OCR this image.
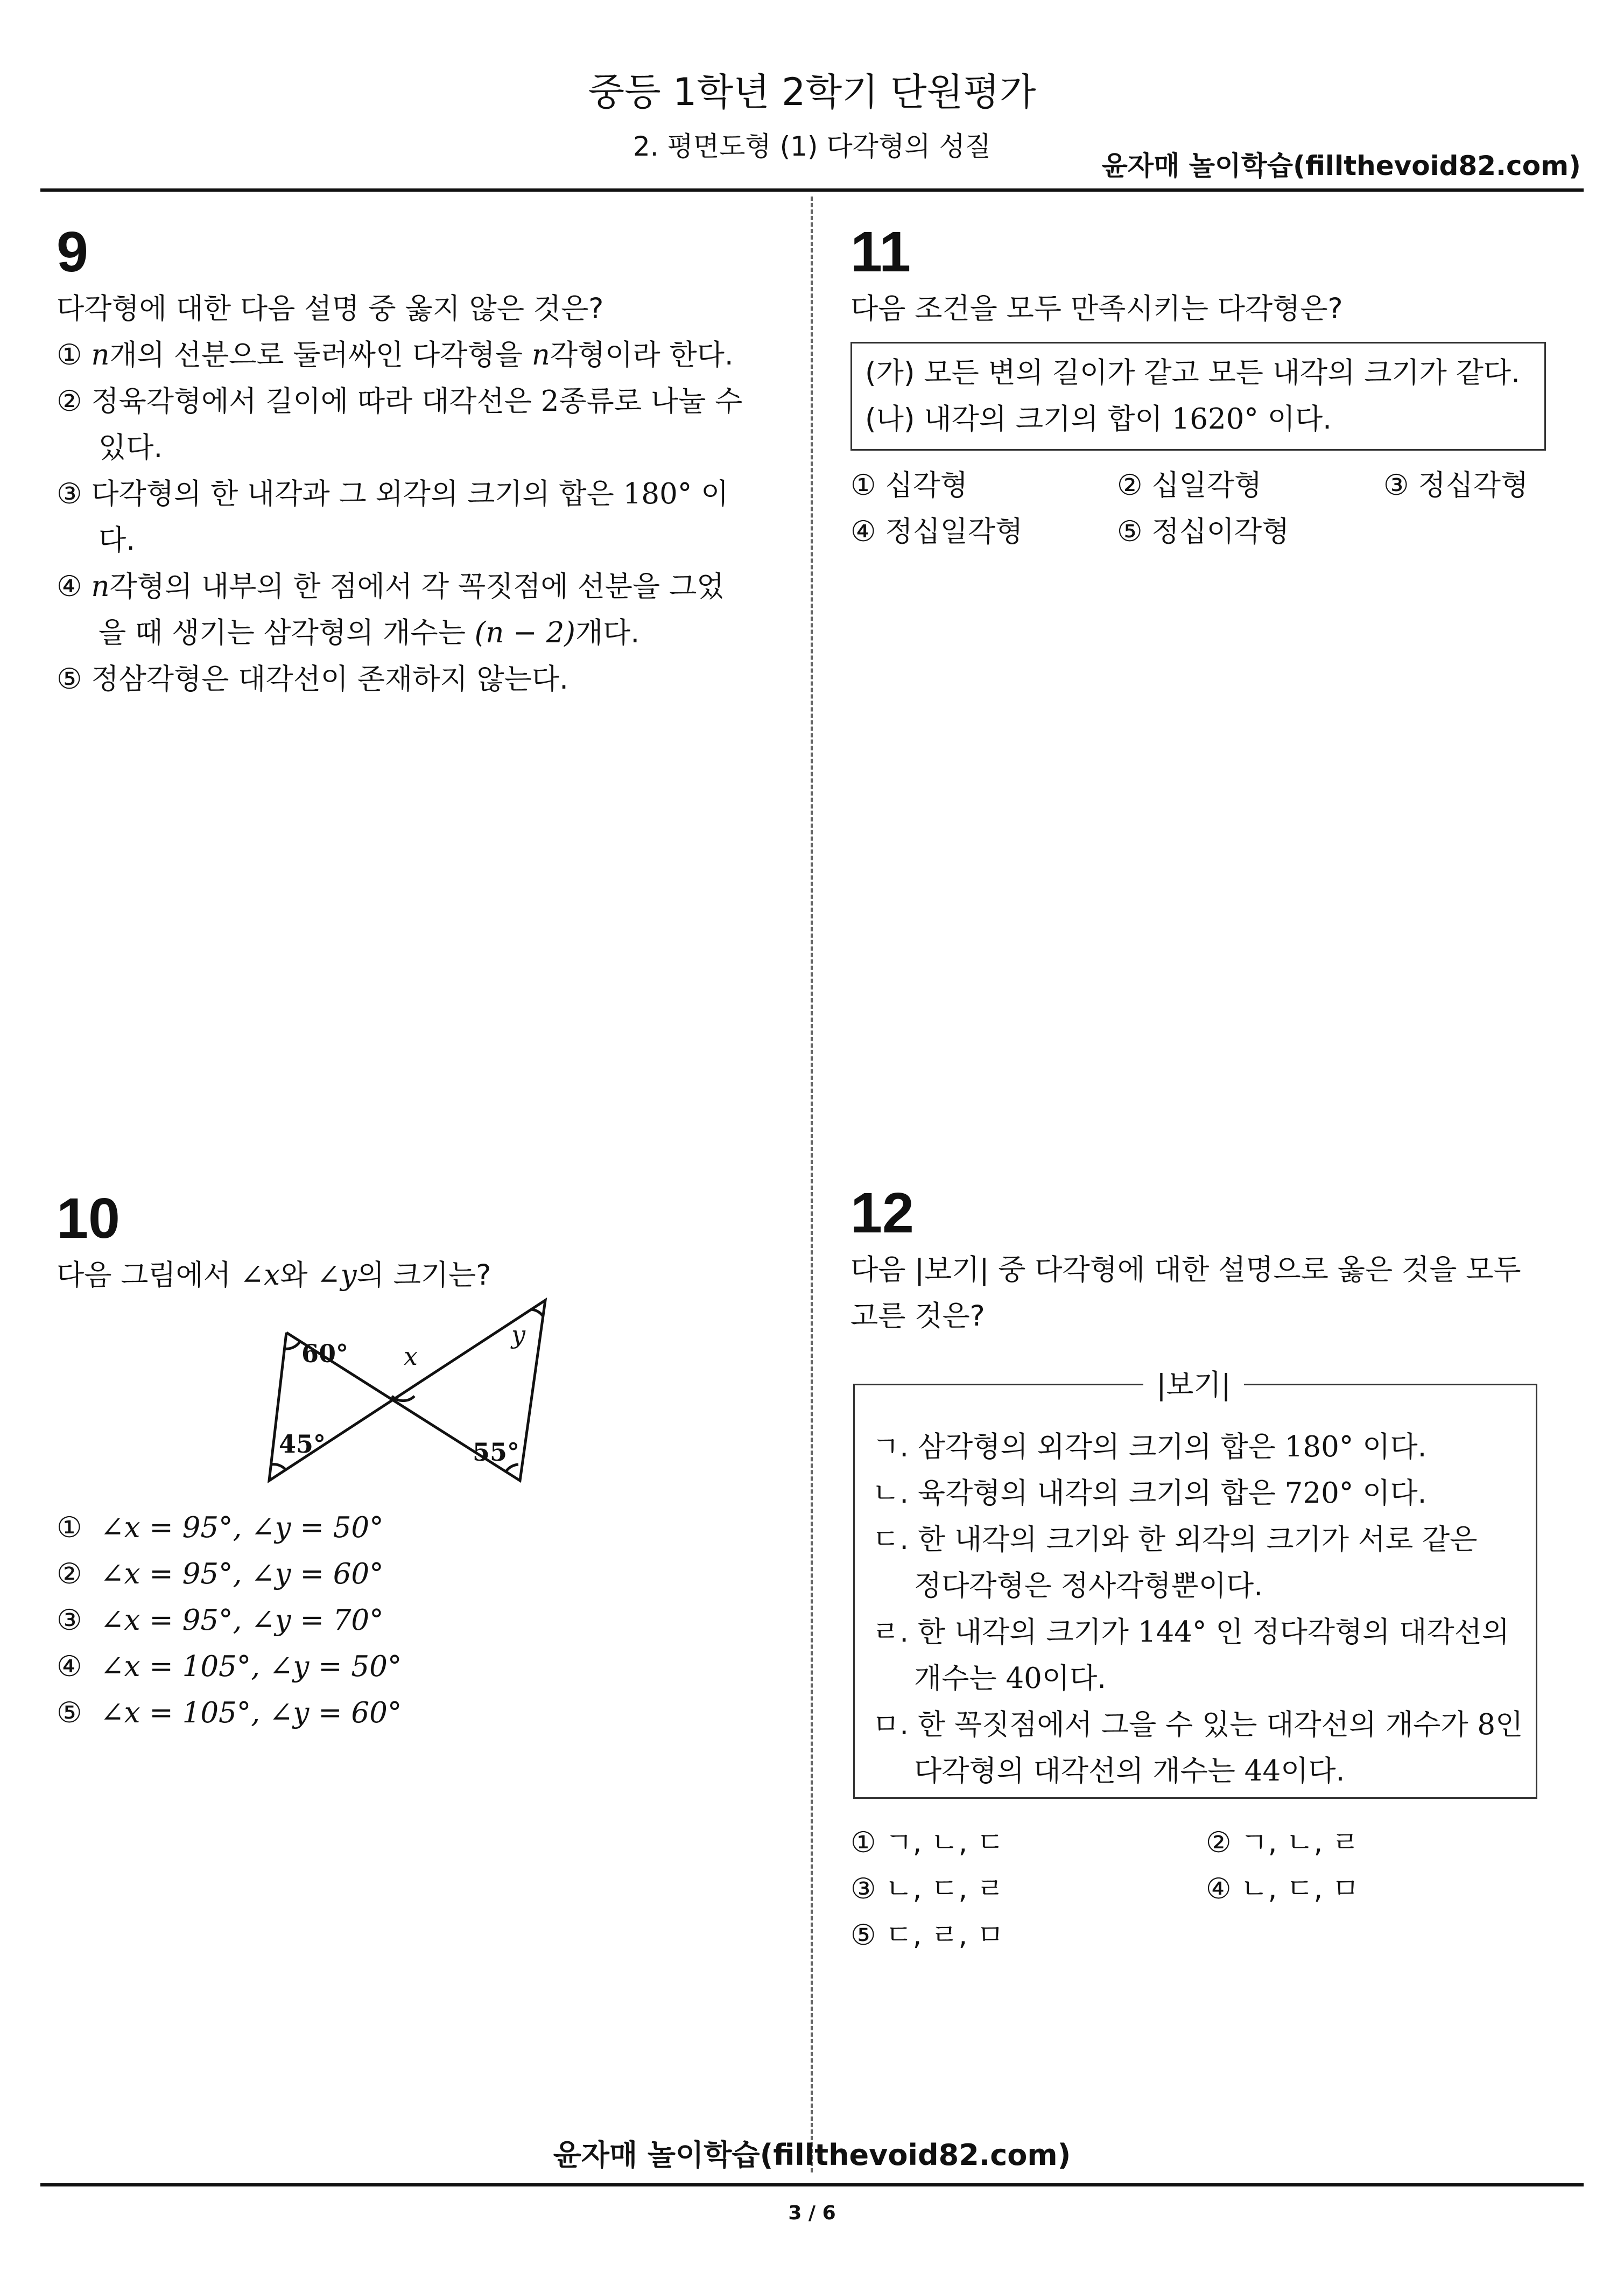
중등 1학년 2학기 단원평가
2. 평면도형 (1) 다각형의 성질
윤자매 놀이학습(fillthevoid82.com)
9
다각형에 대한 다음 설명 중 옳지 않은 것은?
① n개의 선분으로 둘러싸인 다각형을 n각형이라 한다.
② 정육각형에서 길이에 따라 대각선은 2종류로 나눌 수
있다.
③ 다각형의 한 내각과 그 외각의 크기의 합은 180° 이
다.
④ n각형의 내부의 한 점에서 각 꼭짓점에 선분을 그었
을 때 생기는 삼각형의 개수는 (n − 2)개다.
⑤ 정삼각형은 대각선이 존재하지 않는다.
11
다음 조건을 모두 만족시키는 다각형은?
(가) 모든 변의 길이가 같고 모든 내각의 크기가 같다.
(나) 내각의 크기의 합이 1620° 이다.
① 십각형	② 십일각형	③ 정십각형
④ 정십일각형	⑤ 정십이각형
10
다음 그림에서 ∠x와 ∠y의 크기는?
60°
45°	55°
x
y
① ∠x = 95°, ∠y = 50°
② ∠x = 95°, ∠y = 60°
③ ∠x = 95°, ∠y = 70°
④ ∠x = 105°, ∠y = 50°
⑤ ∠x = 105°, ∠y = 60°
12
다음 |보기| 중 다각형에 대한 설명으로 옳은 것을 모두
고른 것은?
|보기|
ㄱ. 삼각형의 외각의 크기의 합은 180° 이다.
ㄴ. 육각형의 내각의 크기의 합은 720° 이다.
ㄷ. 한 내각의 크기와 한 외각의 크기가 서로 같은
정다각형은 정사각형뿐이다.
ㄹ. 한 내각의 크기가 144° 인 정다각형의 대각선의
개수는 40이다.
ㅁ. 한 꼭짓점에서 그을 수 있는 대각선의 개수가 8인
다각형의 대각선의 개수는 44이다.
① ㄱ, ㄴ, ㄷ	② ㄱ, ㄴ, ㄹ
③ ㄴ, ㄷ, ㄹ	④ ㄴ, ㄷ, ㅁ
⑤ ㄷ, ㄹ, ㅁ
윤자매 놀이학습(fillthevoid82.com)
3 / 6
